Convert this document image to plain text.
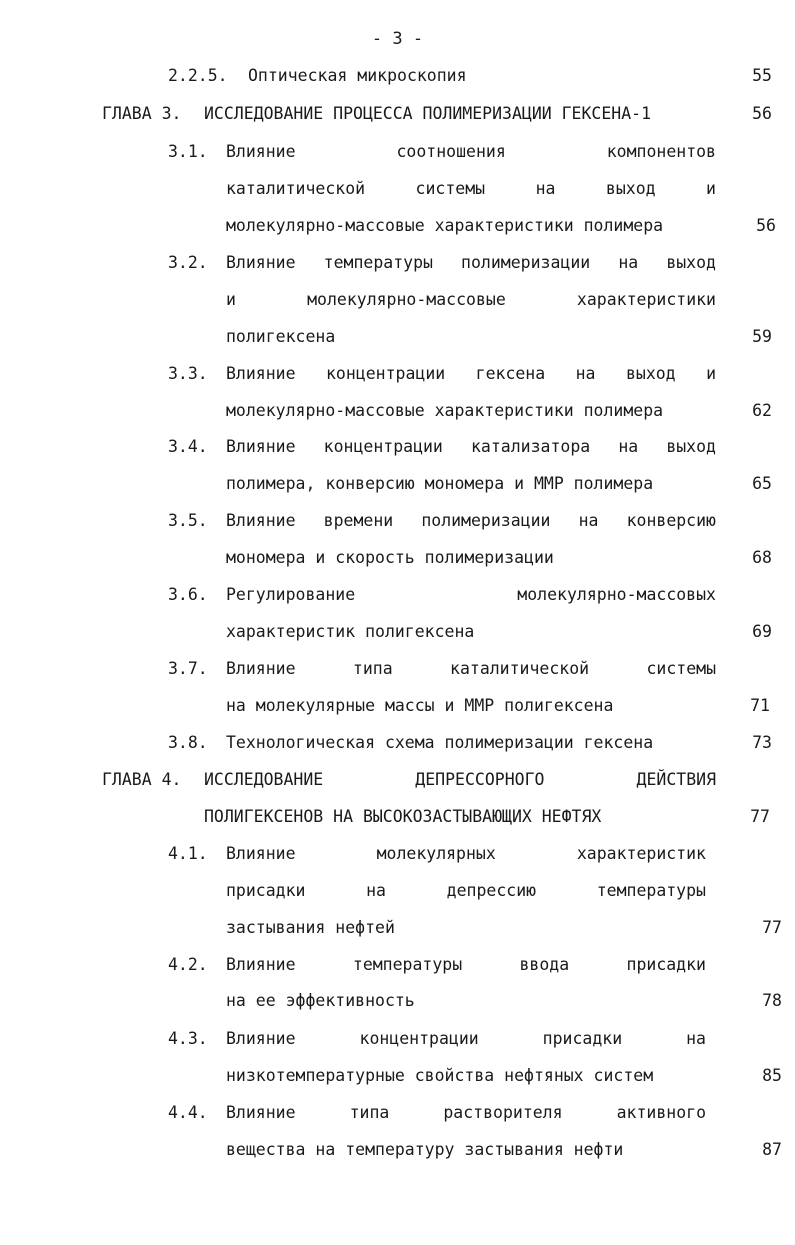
- 3 -
2.2.5. Оптическая микроскопия	55
ГЛАВА 3. ИССЛЕДОВАНИЕ ПРОЦЕССА ПОЛИМЕРИЗАЦИИ ГЕКСЕНА-1	56
3.1. Влияние соотношения компонентов
каталитической системы на выход и
молекулярно-массовые характеристики полимера	56
3.2. Влияние температуры полимеризации на выход
и молекулярно-массовые характеристики
полигексена	59
3.3. Влияние концентрации гексена на выход и
молекулярно-массовые характеристики полимера	62
3.4. Влияние концентрации катализатора на выход
полимера, конверсию мономера и ММР полимера	65
3.5. Влияние времени полимеризации на конверсию
мономера и скорость полимеризации	68
3.6. Регулирование молекулярно-массовых
характеристик полигексена	69
3.7. Влияние типа каталитической системы
на молекулярные массы и ММР полигексена	71
3.8. Технологическая схема полимеризации гексена	73
ГЛАВА 4. ИССЛЕДОВАНИЕ ДЕПРЕССОРНОГО ДЕЙСТВИЯ
ПОЛИГЕКСЕНОВ НА ВЫСОКОЗАСТЫВАЮЩИХ НЕФТЯХ	77
4.1. Влияние молекулярных характеристик
присадки на депрессию температуры
застывания нефтей	77
4.2. Влияние температуры ввода присадки
на ее эффективность	78
4.3. Влияние концентрации присадки на
низкотемпературные свойства нефтяных систем	85
4.4. Влияние типа растворителя активного
вещества на температуру застывания нефти	87
